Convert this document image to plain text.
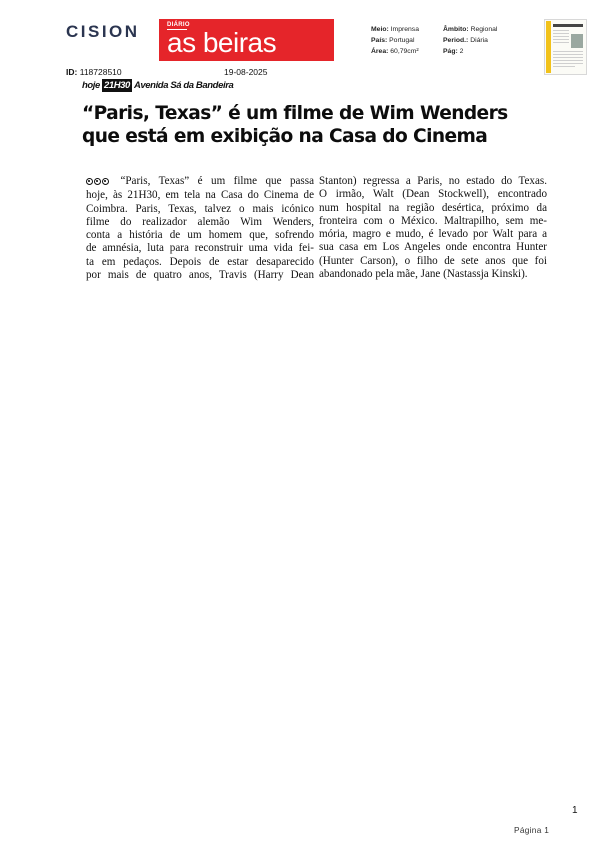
CISION	DIÁRIO
as beiras	Meio: Imprensa
País: Portugal
Área: 60,79cm²
Âmbito: Regional
Period.: Diária
Pág: 2
ID: 118728510	19-08-2025
hoje 21H30 Avenida Sá da Bandeira
“Paris, Texas” é um filme de Wim Wenders
que está em exibição na Casa do Cinema
“Paris, Texas” é um filme que passa
hoje, às 21H30, em tela na Casa do Cinema de
Coimbra. Paris, Texas, talvez o mais icónico
filme do realizador alemão Wim Wenders,
conta a história de um homem que, sofrendo
de amnésia, luta para reconstruir uma vida fei-
ta em pedaços. Depois de estar desaparecido
por mais de quatro anos, Travis (Harry Dean
Stanton) regressa a Paris, no estado do Texas.
O irmão, Walt (Dean Stockwell), encontrado
num hospital na região desértica, próximo da
fronteira com o México. Maltrapilho, sem me-
mória, magro e mudo, é levado por Walt para a
sua casa em Los Angeles onde encontra Hunter
(Hunter Carson), o filho de sete anos que foi
abandonado pela mãe, Jane (Nastassja Kinski).
1
Página 1
